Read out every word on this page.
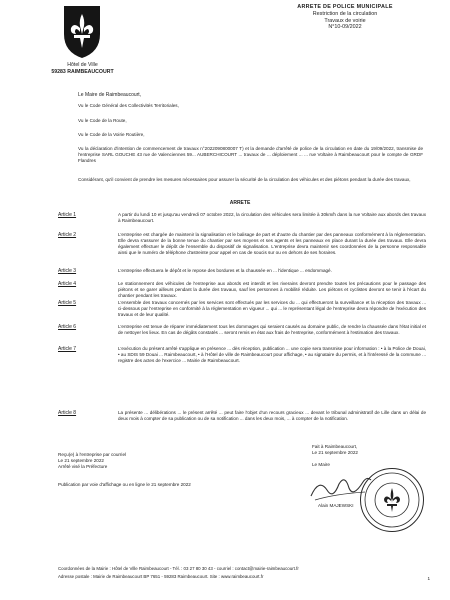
Hôtel de Ville
59283 RAIMBEAUCOURT
ARRETE DE POLICE MUNICIPALE
Restriction de la circulation
Travaux de voirie
N°10-09/2022
Le Maire de Raimbeaucourt,
Vu le Code Général des Collectivités Territoriales,
Vu le Code de la Route,
Vu le Code de la Voirie Routière,
Vu la déclaration d'intention de commencement de travaux n°2022090800007 T) et la demande d'arrêté de police de la circulation en date du 19/09/2022, transmise de l'entreprise SARL GOUCHE 43 rue de Valenciennes 59... AUBERCHICOURT ... travaux de ... déploiement ... ... rue Voltaire à Raimbeaucourt pour le compte de GRDF Flandres
Considérant, qu'il convient de prendre les mesures nécessaires pour assurer la sécurité de la circulation des véhicules et des piétons pendant la durée des travaux,
ARRETE
Article 1	A partir du lundi 10 et jusqu'au vendredi 07 octobre 2022, la circulation des véhicules sera limitée à 30km/h dans la rue Voltaire aux abords des travaux à Raimbeaucourt.
Article 2	L'entreprise est chargée de maintenir la signalisation et le balisage de part et d'autre du chantier par des panneaux conformément à la réglementation. Elle devra s'assurer de la bonne tenue du chantier par ses moyens et ses agents et les panneaux en place durant la durée des travaux. Elle devra également effectuer le dépôt de l'ensemble du dispositif de signalisation. L'entreprise devra maintenir ses coordonnées de la personne responsable ainsi que le numéro de téléphone d'astreinte pour appel en cas de soucis sur ou en dehors de ses horaires.
Article 3	L'entreprise effectuera le dépôt et le repose des bordures et la chaussée en ... l'identique ... endommagé.
Article 4	Le stationnement des véhicules de l'entreprise aux abords est interdit et les riverains devront prendre toutes les précautions pour le passage des piétons et se garer ailleurs pendant la durée des travaux, sauf les personnes à mobilité réduite. Les piétons et cyclistes devront se tenir à l'écart du chantier pendant les travaux.
Article 5	L'ensemble des travaux concernés par les services sont effectués par les services du ... qui effectueront la surveillance et la réception des travaux ... ci-dessous par l'entreprise en conformité à la réglementation en vigueur ... qui ... le représentant légal de l'entreprise devra répondre de l'exécution des travaux et de leur qualité.
Article 6	L'entreprise est tenue de réparer immédiatement tous les dommages qui seraient causés au domaine public, de rendre la chaussée dans l'état initial et de nettoyer les lieux. En cas de dégâts constatés ... seront remis en état aux frais de l'entreprise, conformément à l'estimation des travaux.
Article 7	L'exécution du présent arrêté s'applique en présence ... dès réception, publication ... une copie sera transmise pour information : • à la Police de Douai, • au SDIS 59 Douai ... Raimbeaucourt, • à l'Hôtel de ville de Raimbeaucourt pour affichage, • au signataire du permis, et à l'intéressé de la commune ... registre des actes de l'exercice ... Mairie de Raimbeaucourt.
Article 8	La présente ... délibérations ... le présent arrêté ... peut faire l'objet d'un recours gracieux ... devant le tribunal administratif de Lille dans un délai de deux mois à compter de sa publication ou de sa notification ... dans les deux mois, ... à compter de la notification.
Reçu(e) à l'entreprise par courriel
Le 21 septembre 2022
Arrêté visé la Préfecture
Publication par voie d'affichage ou en ligne le 21 septembre 2022
Fait à Raimbeaucourt,
Le 21 septembre 2022
Le Maire
Alain MAJEWSKI
Coordonnées de la Mairie : Hôtel de Ville Raimbeaucourt - Tél. : 03 27 80 30 43 - courriel : contact@mairie-raimbeaucourt.fr
Adresse postale : Mairie de Raimbeaucourt BP 7651 - 59283 Raimbeaucourt. Site : www.raimbeaucourt.fr	1
